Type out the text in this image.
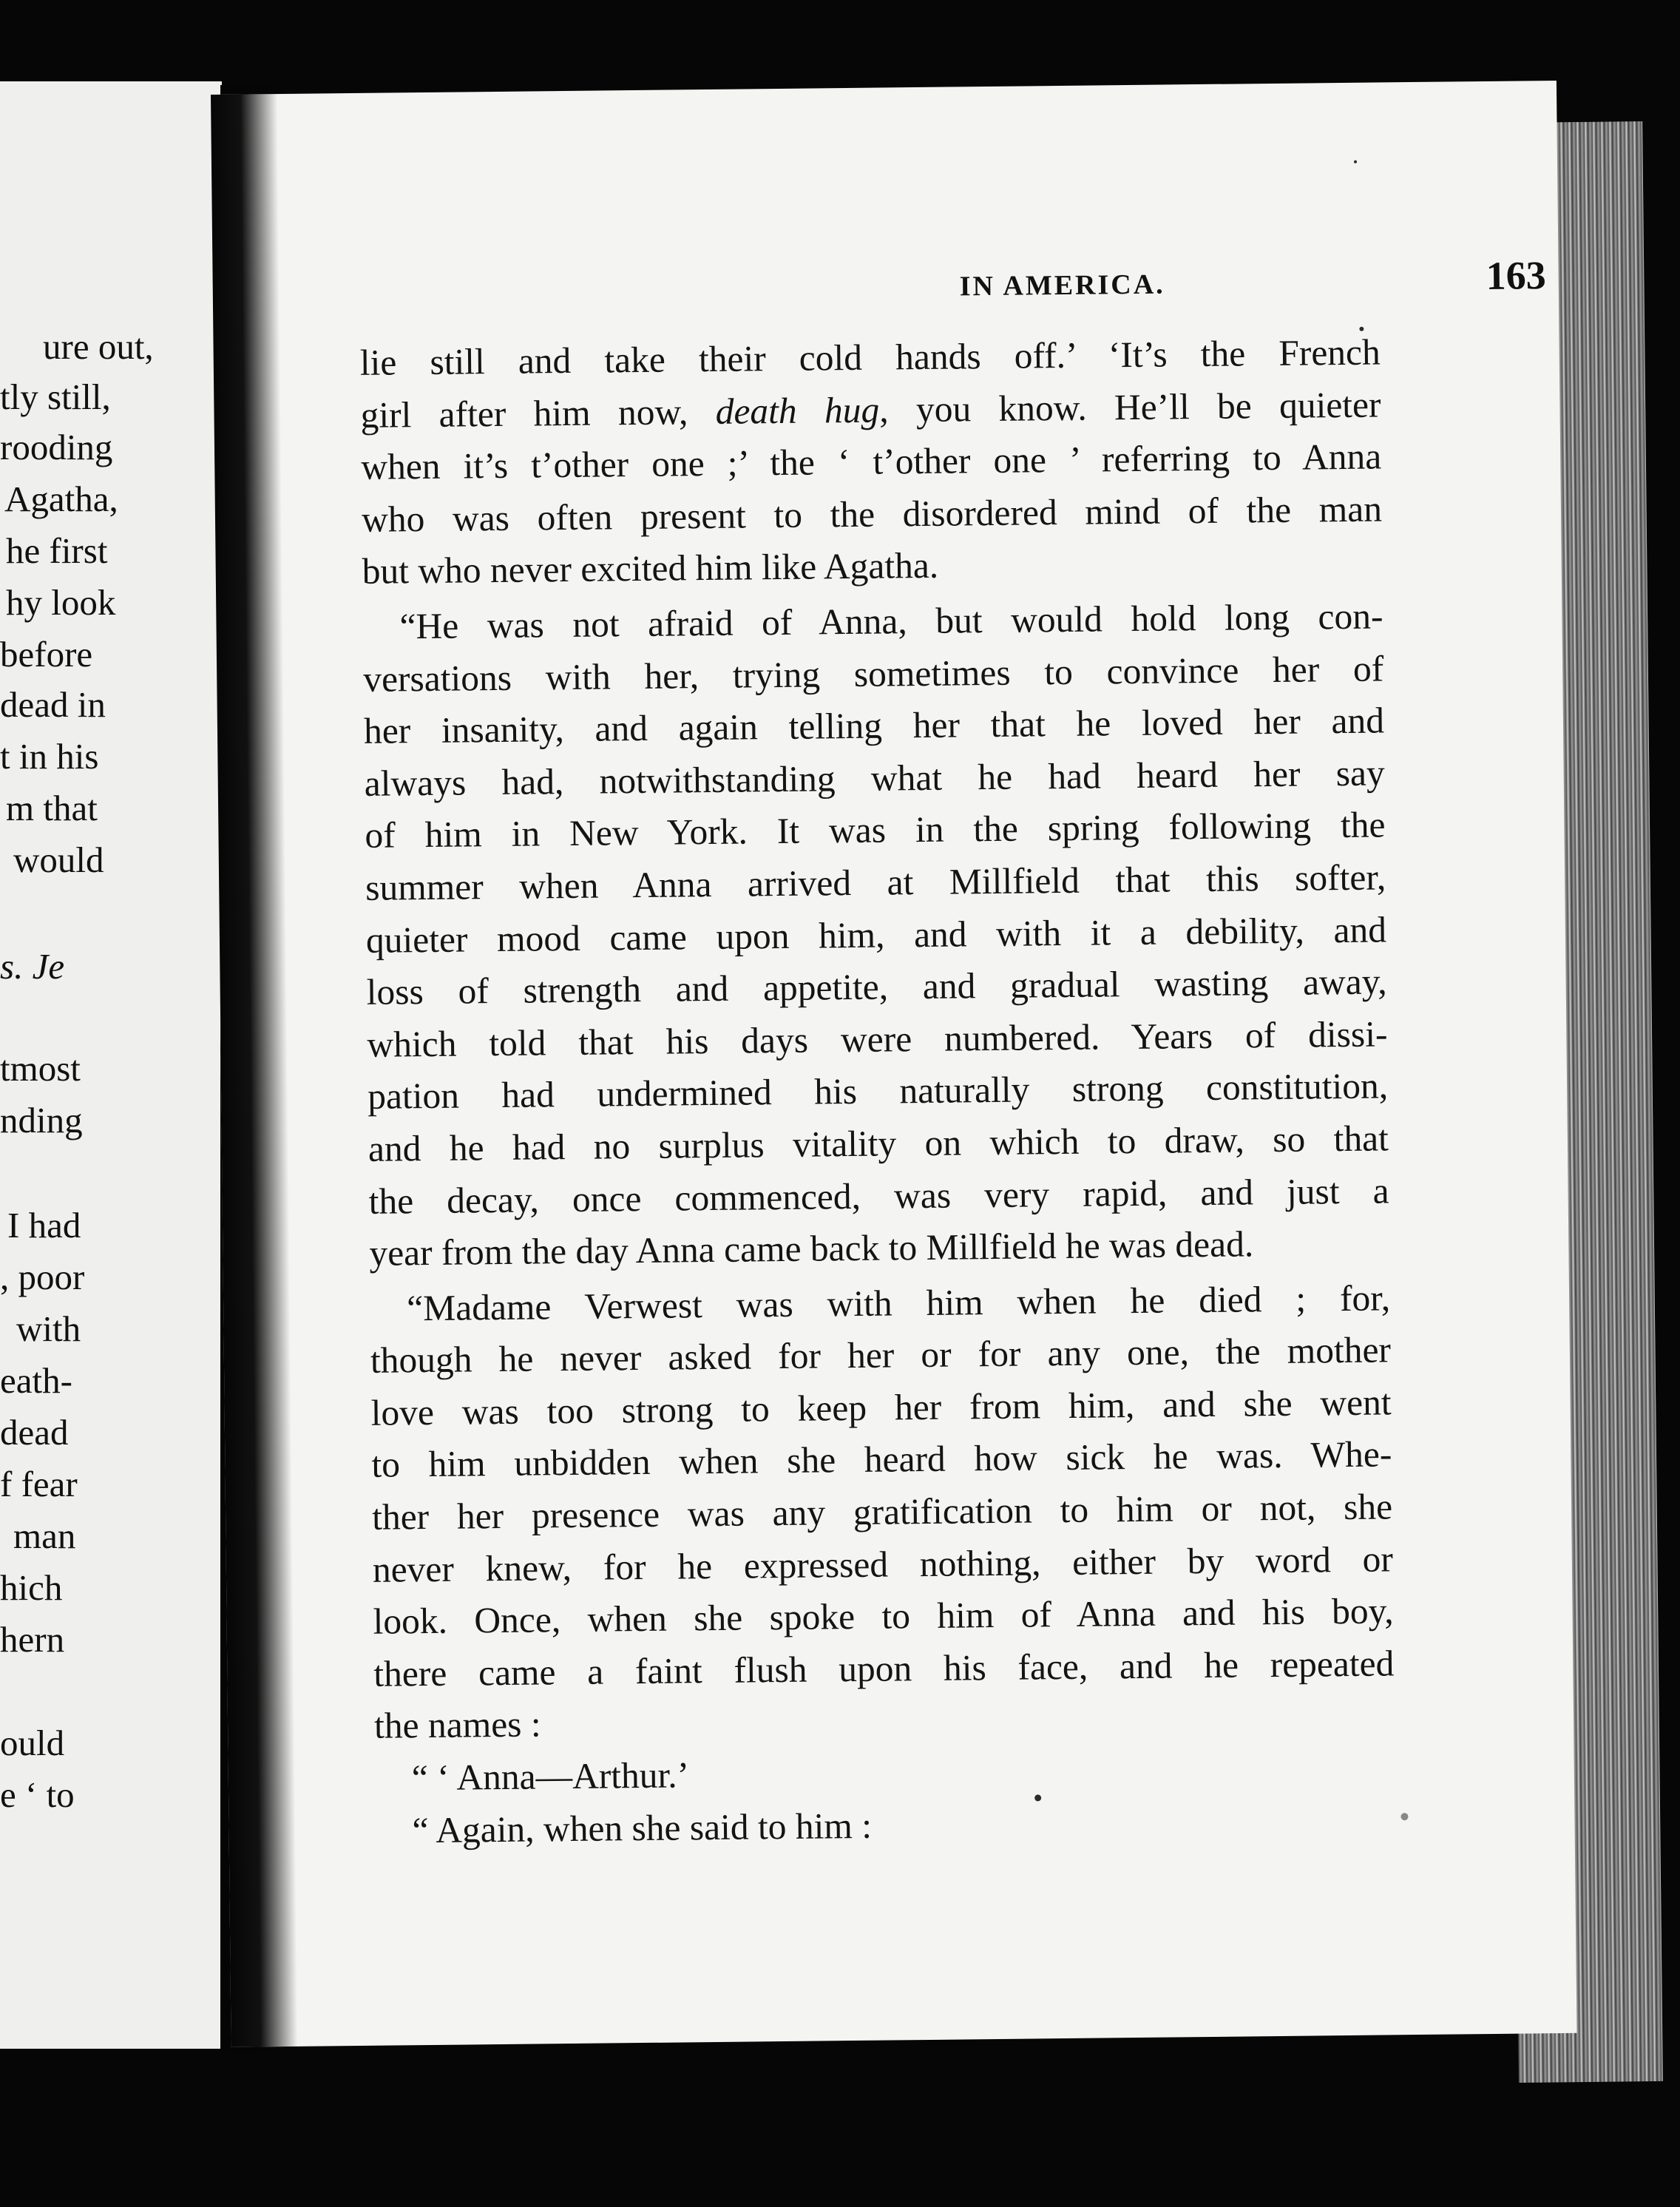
ure out,
tly still,
rooding
Agatha,
he first
hy look
before
dead in
t in his
m that
would
s. Je
tmost
nding
I had
, poor
with
eath-
dead
f fear
man
hich
hern
ould
e ‘ to
IN AMERICA.	163
lie still and take their cold hands off.’ ‘It’s the French
girl after him now, death hug, you know. He’ll be quieter
when it’s t’other one ;’ the ‘ t’other one ’ referring to Anna
who was often present to the disordered mind of the man
but who never excited him like Agatha.
“He was not afraid of Anna, but would hold long con-
versations with her, trying sometimes to convince her of
her insanity, and again telling her that he loved her and
always had, notwithstanding what he had heard her say
of him in New York. It was in the spring following the
summer when Anna arrived at Millfield that this softer,
quieter mood came upon him, and with it a debility, and
loss of strength and appetite, and gradual wasting away,
which told that his days were numbered. Years of dissi-
pation had undermined his naturally strong constitution,
and he had no surplus vitality on which to draw, so that
the decay, once commenced, was very rapid, and just a
year from the day Anna came back to Millfield he was dead.
“Madame Verwest was with him when he died ; for,
though he never asked for her or for any one, the mother
love was too strong to keep her from him, and she went
to him unbidden when she heard how sick he was. Whe-
ther her presence was any gratification to him or not, she
never knew, for he expressed nothing, either by word or
look. Once, when she spoke to him of Anna and his boy,
there came a faint flush upon his face, and he repeated
the names :
“ ‘ Anna—Arthur.’
“ Again, when she said to him :
